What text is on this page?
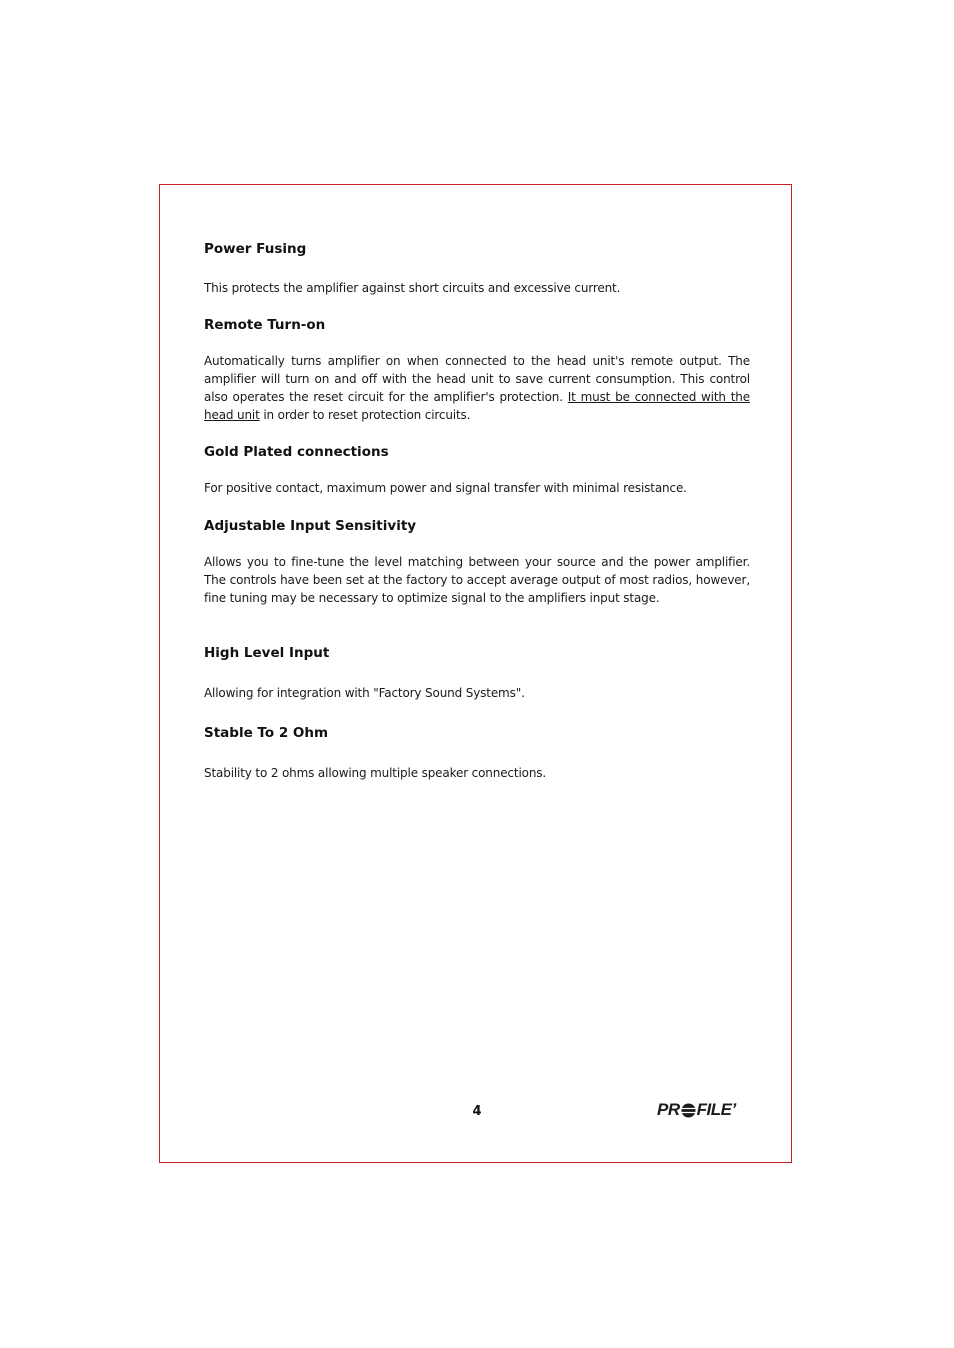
Power Fusing
This protects the amplifier against short circuits and excessive current.
Remote Turn-on
Automatically turns amplifier on when connected to the head unit's remote output. The amplifier will turn on and off with the head unit to save current consumption. This control also operates the reset circuit for the amplifier's protection. It must be connected with the head unit in order to reset protection circuits.
Gold Plated connections
For positive contact, maximum power and signal transfer with minimal resistance.
Adjustable Input Sensitivity
Allows you to fine-tune the level matching between your source and the power amplifier. The controls have been set at the factory to accept average output of most radios, however, fine tuning may be necessary to optimize signal to the amplifiers input stage.
High Level Input
Allowing for integration with "Factory Sound Systems".
Stable To 2 Ohm
Stability to 2 ohms allowing multiple speaker connections.
4	PR FILE ʼ
